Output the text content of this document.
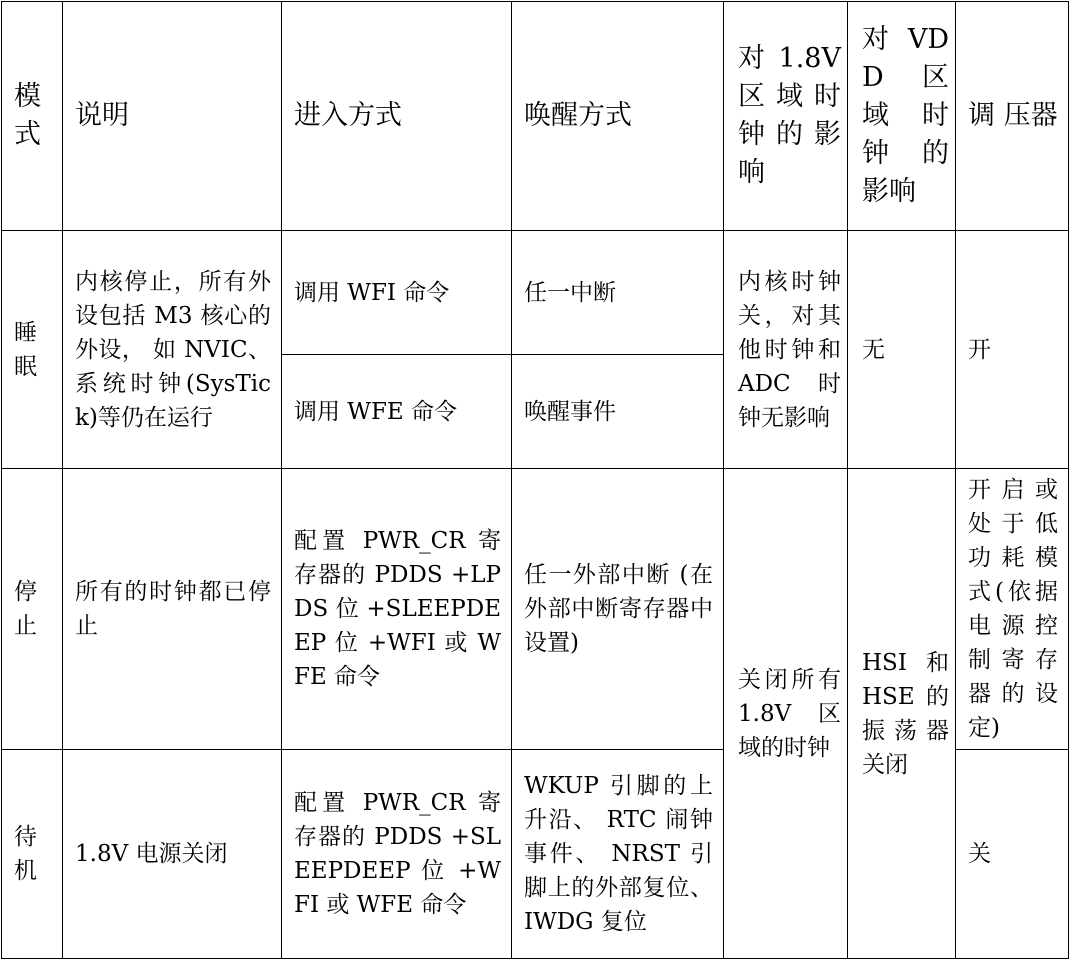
模式	说明	进入方式	唤醒方式	对 1.8V 区域时钟的影响	对 VDD 区 域时 钟的 影响	调 压器
睡眠	内核停止，所有外设包括 M3 核心的外设， 如 NVIC、 系统时钟(SysTick)等仍在运行	调用 WFI 命令	任一中断	内核时钟关，对其他时钟和 ADC 时钟无影响	无	开
		调用 WFE 命令	唤醒事件			
停止	所有的时钟都已停止	配置 PWR_CR 寄存器的 PDDS +LPDS 位 +SLEEPDEEP 位 +WFI 或 WFE 命令	任一外部中断 (在外部中断寄存器中设置)	关闭所有 1.8V 区域的时钟	HSI 和 HSE 的振荡器关闭	开启或处于低功耗模式(依据电源控制寄存器的设定)
待机	1.8V 电源关闭	配置 PWR_CR 寄存器的 PDDS +SLEEPDEEP 位 +WFI 或 WFE 命令	WKUP 引脚的上升沿、 RTC 闹钟事件、 NRST 引脚上的外部复位、 IWDG 复位			关
